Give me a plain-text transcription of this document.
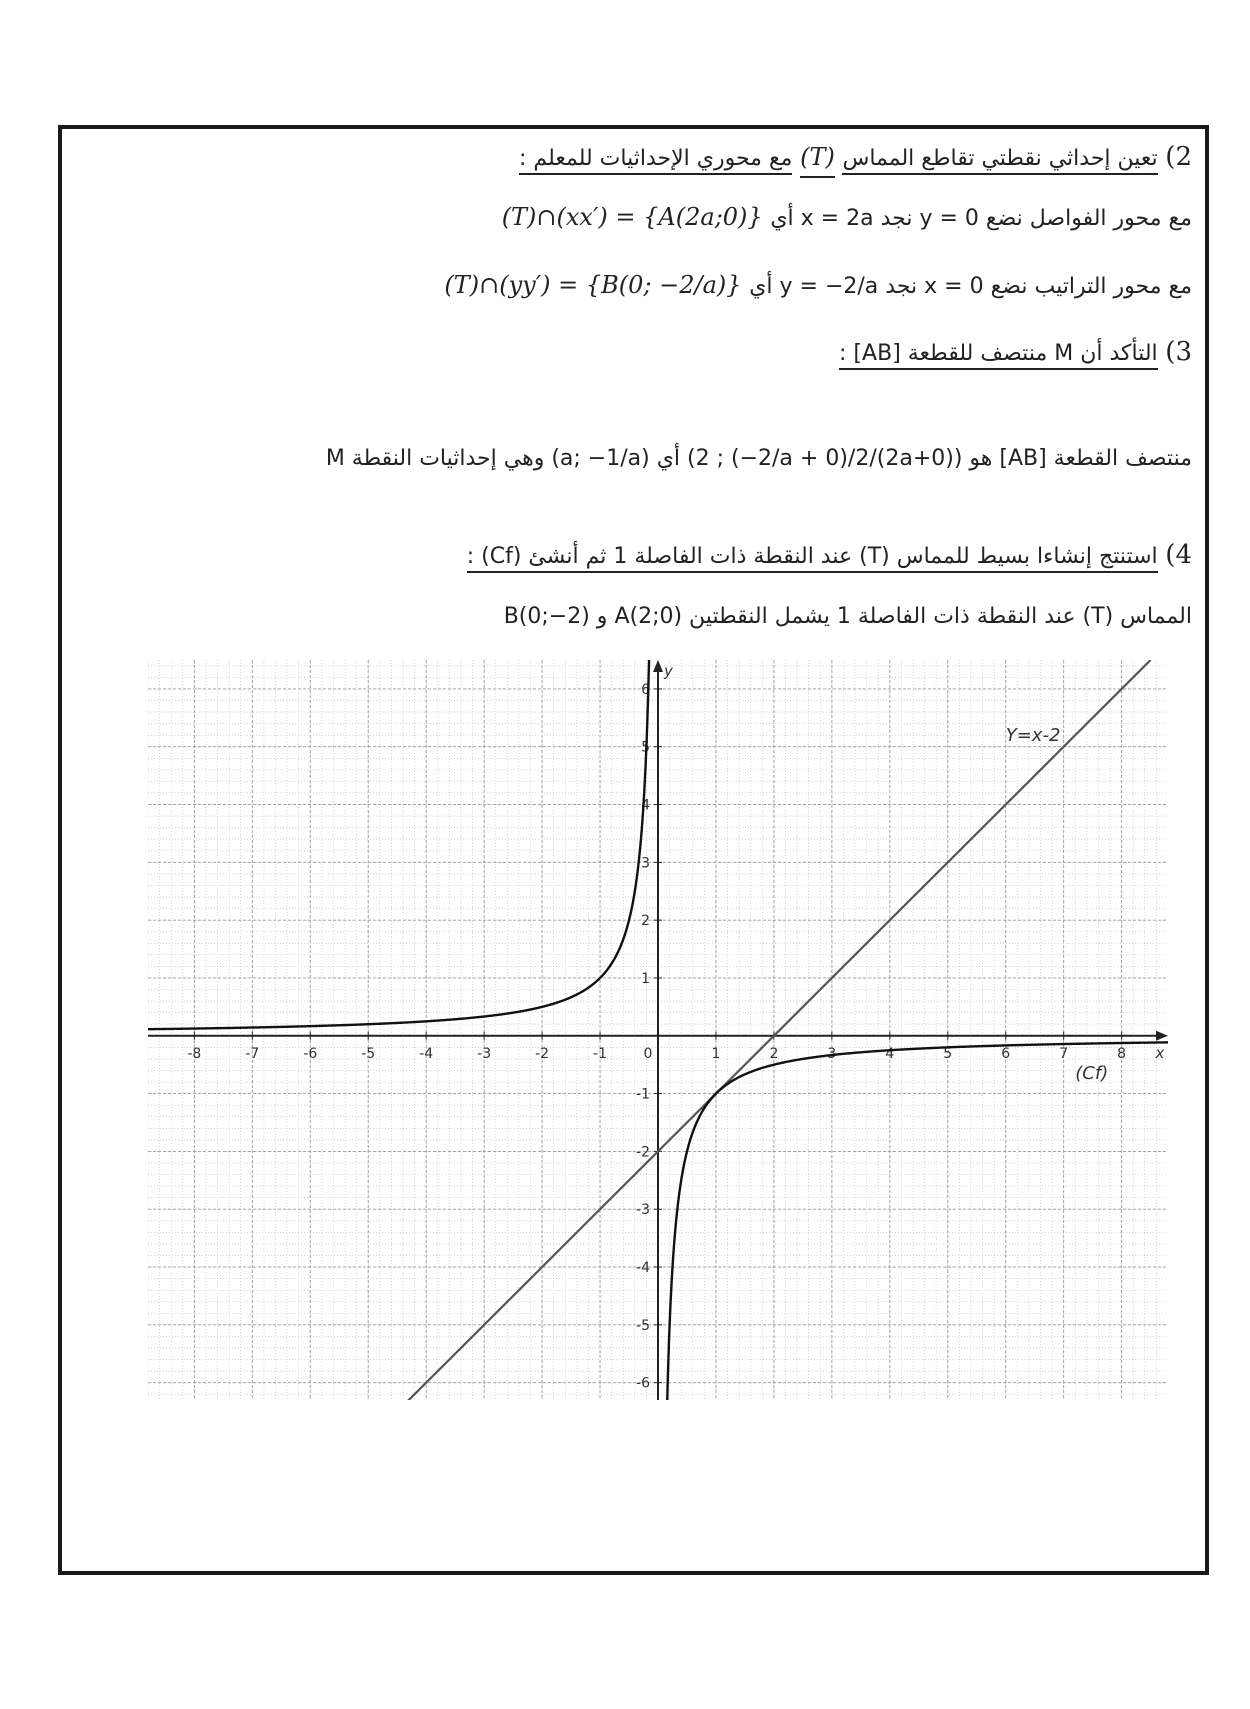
2) تعين إحداثي نقطتي تقاطع المماس (T) مع محوري الإحداثيات للمعلم :
مع محور الفواصل نضع y = 0 نجد x = 2a أي (T)∩(xx′) = {A(2a;0)}
مع محور التراتيب نضع x = 0 نجد y = −2/a أي (T)∩(yy′) = {B(0; −2/a)}
3) التأكد أن M منتصف للقطعة [AB] :
منتصف القطعة [AB] هو ((0+2a)/2 ; (−2/a + 0)/2) أي (a; −1/a) وهي إحداثيات النقطة M
4) استنتج إنشاءا بسيط للمماس (T) عند النقطة ذات الفاصلة 1 ثم أنشئ (Cf) :
المماس (T) عند النقطة ذات الفاصلة 1 يشمل النقطتين A(2;0) و B(0;−2)
-8	-7	-6	-5	-4	-3	-2	-1	0	1	2	3	4	5	6	7	8
-6
-5
-4
-3
-2
-1
1
2
3
4
5
6
x
y
Y=x-2
(Cf)
